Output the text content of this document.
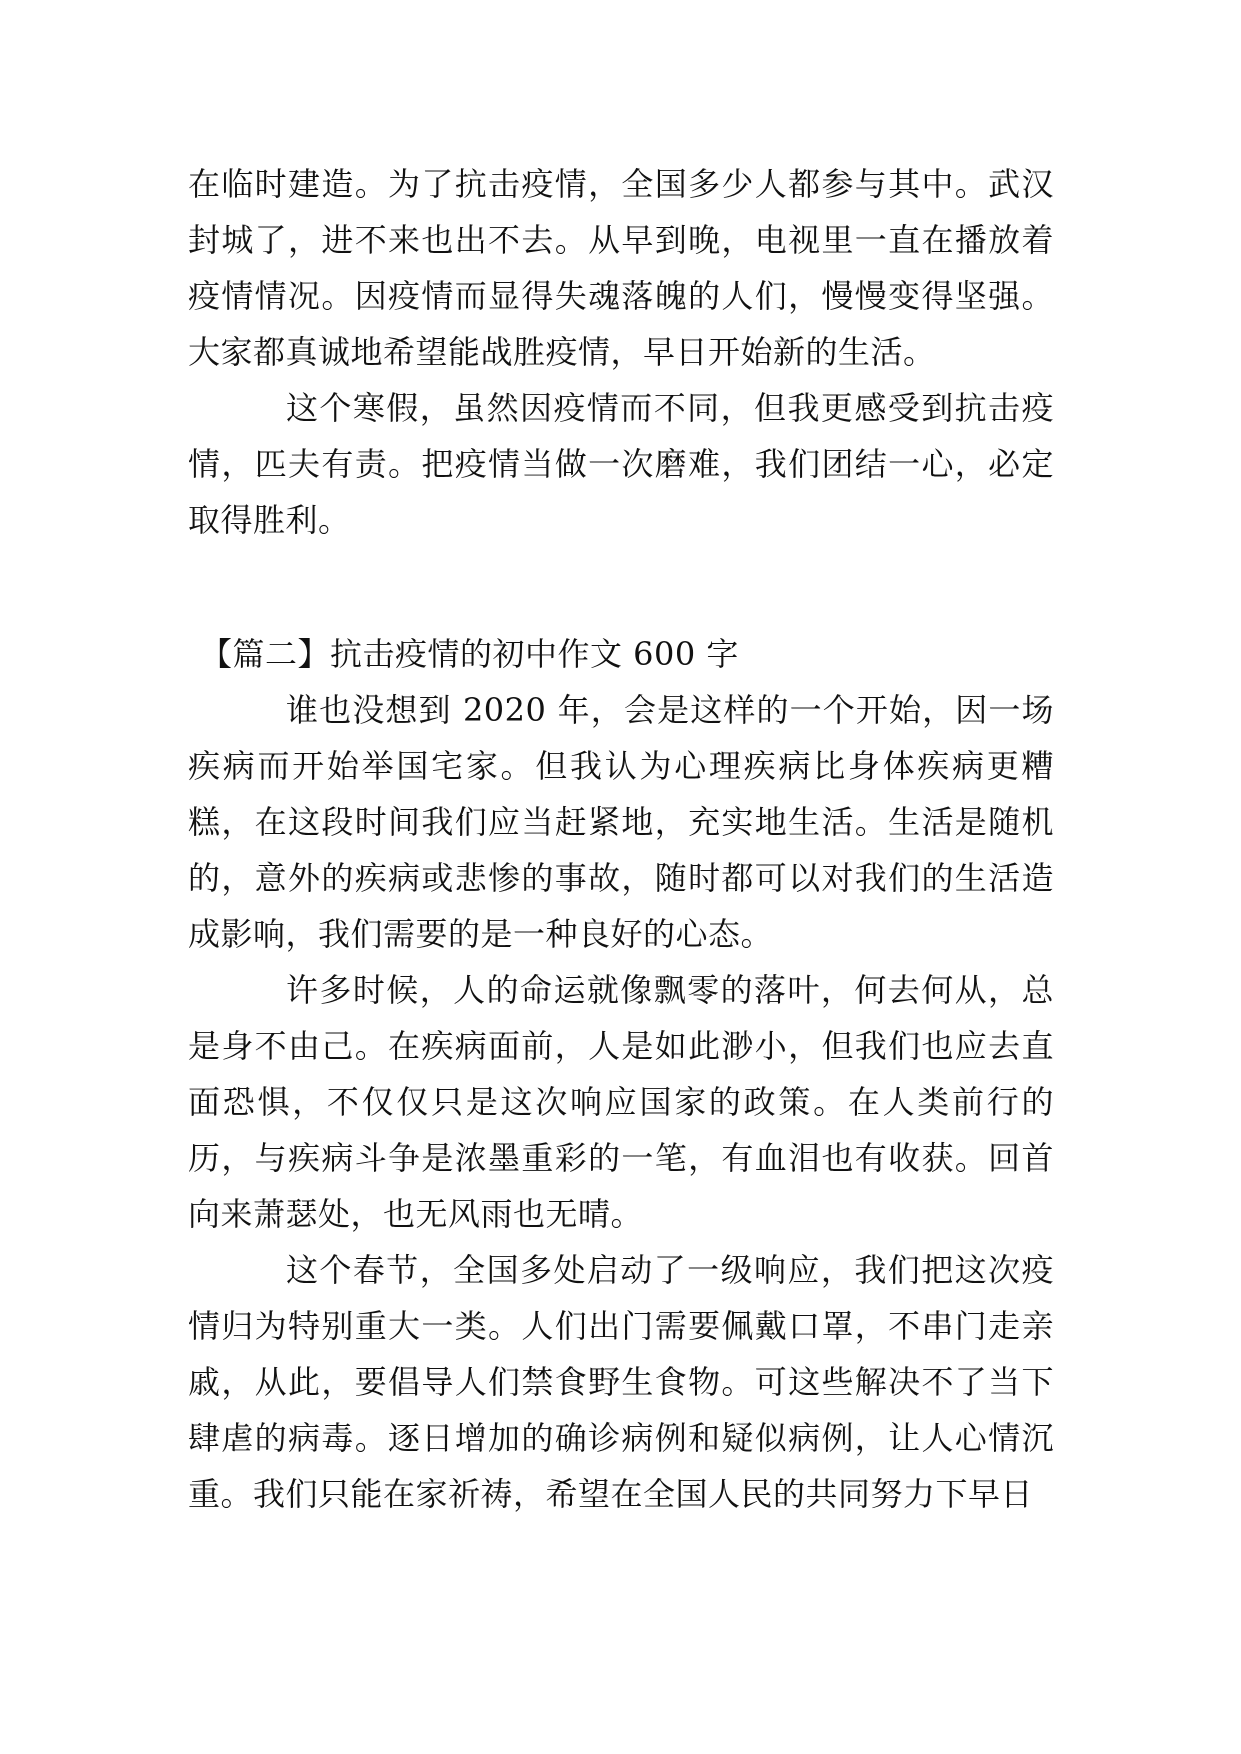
在临时建造。为了抗击疫情，全国多少人都参与其中。武汉封城了，进不来也出不去。从早到晚，电视里一直在播放着疫情情况。因疫情而显得失魂落魄的人们，慢慢变得坚强。大家都真诚地希望能战胜疫情，早日开始新的生活。

这个寒假，虽然因疫情而不同，但我更感受到抗击疫情，匹夫有责。把疫情当做一次磨难，我们团结一心，必定取得胜利。

【篇二】抗击疫情的初中作文 600 字

谁也没想到 2020 年，会是这样的一个开始，因一场疾病而开始举国宅家。但我认为心理疾病比身体疾病更糟糕，在这段时间我们应当赶紧地，充实地生活。生活是随机的，意外的疾病或悲惨的事故，随时都可以对我们的生活造成影响，我们需要的是一种良好的心态。

许多时候，人的命运就像飘零的落叶，何去何从，总是身不由己。在疾病面前，人是如此渺小，但我们也应去直面恐惧，不仅仅只是这次响应国家的政策。在人类前行的历，与疾病斗争是浓墨重彩的一笔，有血泪也有收获。回首向来萧瑟处，也无风雨也无晴。

这个春节，全国多处启动了一级响应，我们把这次疫情归为特别重大一类。人们出门需要佩戴口罩，不串门走亲戚，从此，要倡导人们禁食野生食物。可这些解决不了当下肆虐的病毒。逐日增加的确诊病例和疑似病例，让人心情沉重。我们只能在家祈祷，希望在全国人民的共同努力下早日
